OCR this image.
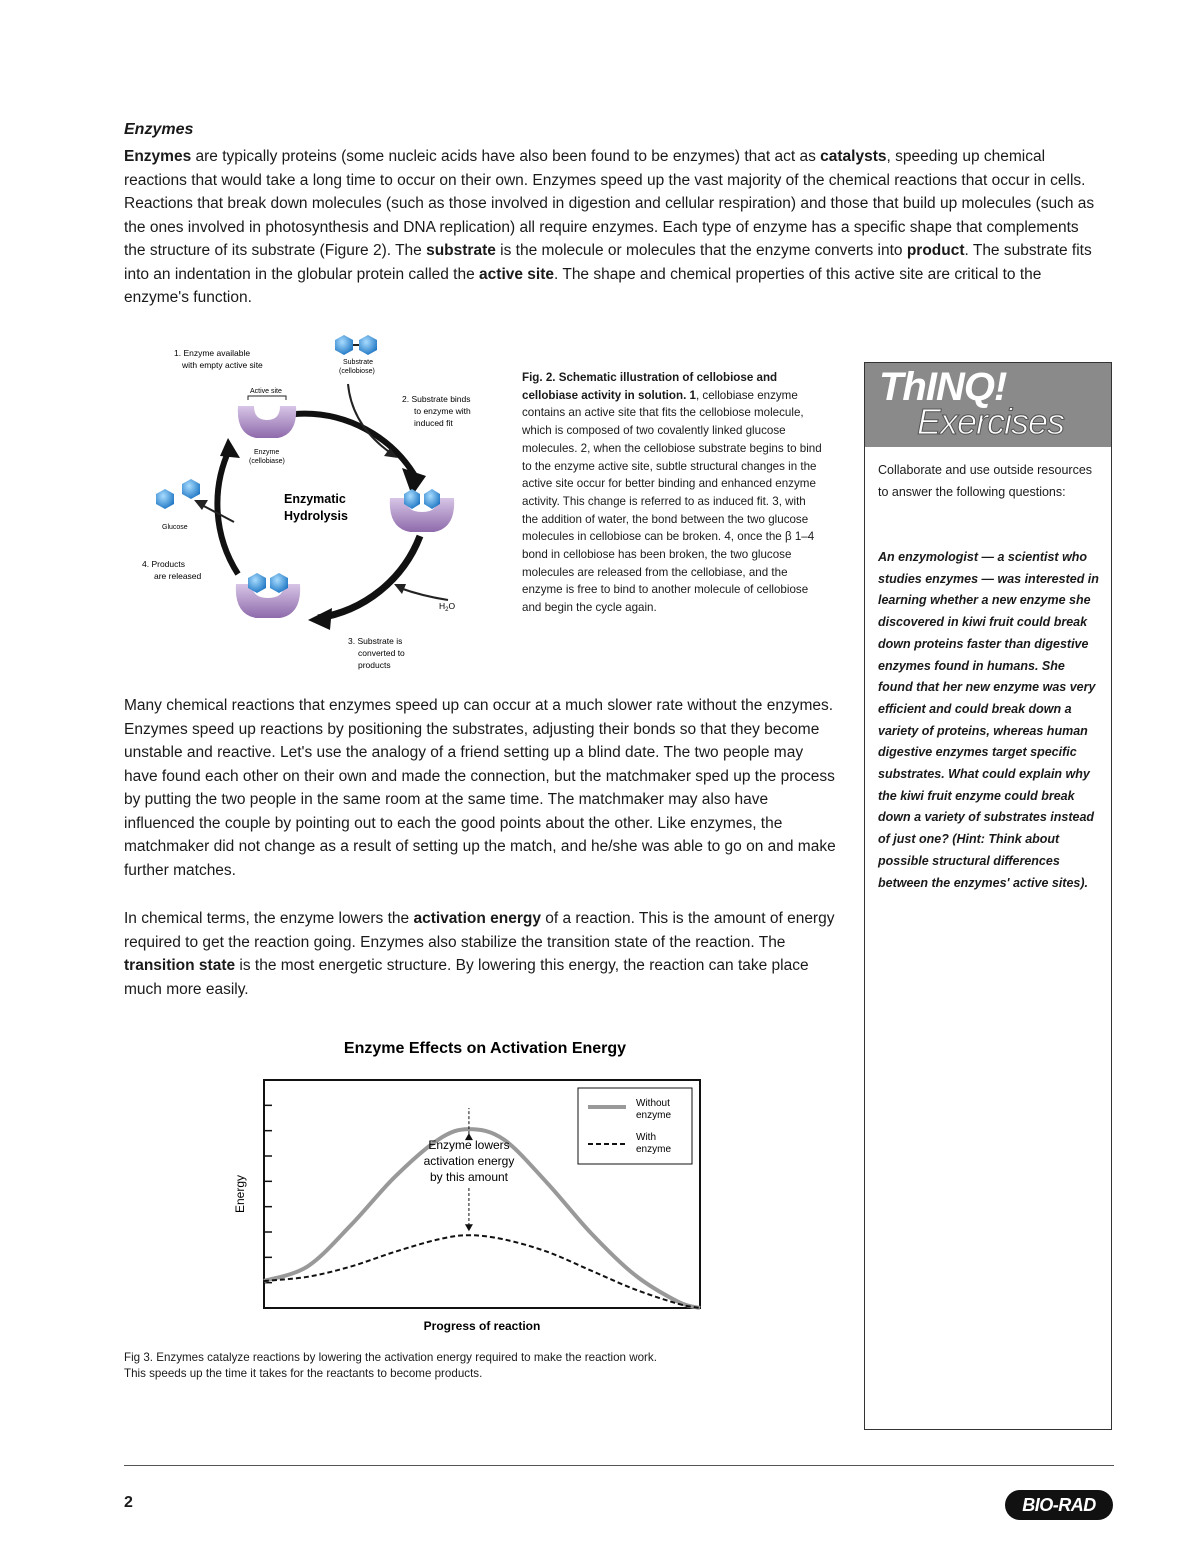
Enzymes
Enzymes are typically proteins (some nucleic acids have also been found to be enzymes) that act as catalysts, speeding up chemical reactions that would take a long time to occur on their own. Enzymes speed up the vast majority of the chemical reactions that occur in cells. Reactions that break down molecules (such as those involved in digestion and cellular respiration) and those that build up molecules (such as the ones involved in photosynthesis and DNA replication) all require enzymes. Each type of enzyme has a specific shape that complements the structure of its substrate (Figure 2). The substrate is the molecule or molecules that the enzyme converts into product. The substrate fits into an indentation in the globular protein called the active site. The shape and chemical properties of this active site are critical to the enzyme's function.
1. Enzyme available
with empty active site
Active site
Substrate
(cellobiose)
Enzyme
(cellobiase)
2. Substrate binds
to enzyme with
induced fit
Enzymatic
Hydrolysis
Glucose
4. Products
are released
$H_2O$
3. Substrate is
converted to
products
Fig. 2. Schematic illustration of cellobiose and cellobiase activity in solution. 1, cellobiase enzyme contains an active site that fits the cellobiose molecule, which is composed of two covalently linked glucose molecules. 2, when the cellobiose substrate begins to bind to the enzyme active site, subtle structural changes in the active site occur for better binding and enhanced enzyme activity. This change is referred to as induced fit. 3, with the addition of water, the bond between the two glucose molecules in cellobiose can be broken. 4, once the β 1–4 bond in cellobiose has been broken, the two glucose molecules are released from the cellobiase, and the enzyme is free to bind to another molecule of cellobiose and begin the cycle again.
ThINQ!
Exercises
Collaborate and use outside resources to answer the following questions:
An enzymologist — a scientist who studies enzymes — was interested in learning whether a new enzyme she discovered in kiwi fruit could break down proteins faster than digestive enzymes found in humans. She found that her new enzyme was very efficient and could break down a variety of proteins, whereas human digestive enzymes target specific substrates. What could explain why the kiwi fruit enzyme could break down a variety of substrates instead of just one? (Hint: Think about possible structural differences between the enzymes' active sites).
Many chemical reactions that enzymes speed up can occur at a much slower rate without the enzymes. Enzymes speed up reactions by positioning the substrates, adjusting their bonds so that they become unstable and reactive. Let's use the analogy of a friend setting up a blind date. The two people may have found each other on their own and made the connection, but the matchmaker sped up the process by putting the two people in the same room at the same time. The matchmaker may also have influenced the couple by pointing out to each the good points about the other. Like enzymes, the matchmaker did not change as a result of setting up the match, and he/she was able to go on and make further matches.
In chemical terms, the enzyme lowers the activation energy of a reaction. This is the amount of energy required to get the reaction going. Enzymes also stabilize the transition state of the reaction. The transition state is the most energetic structure. By lowering this energy, the reaction can take place much more easily.
Enzyme Effects on Activation Energy
Enzyme lowers
activation energy
by this amount
Without
enzyme
With
enzyme
Energy
Progress of reaction
Fig 3. Enzymes catalyze reactions by lowering the activation energy required to make the reaction work.
This speeds up the time it takes for the reactants to become products.
2	BIO-RAD
